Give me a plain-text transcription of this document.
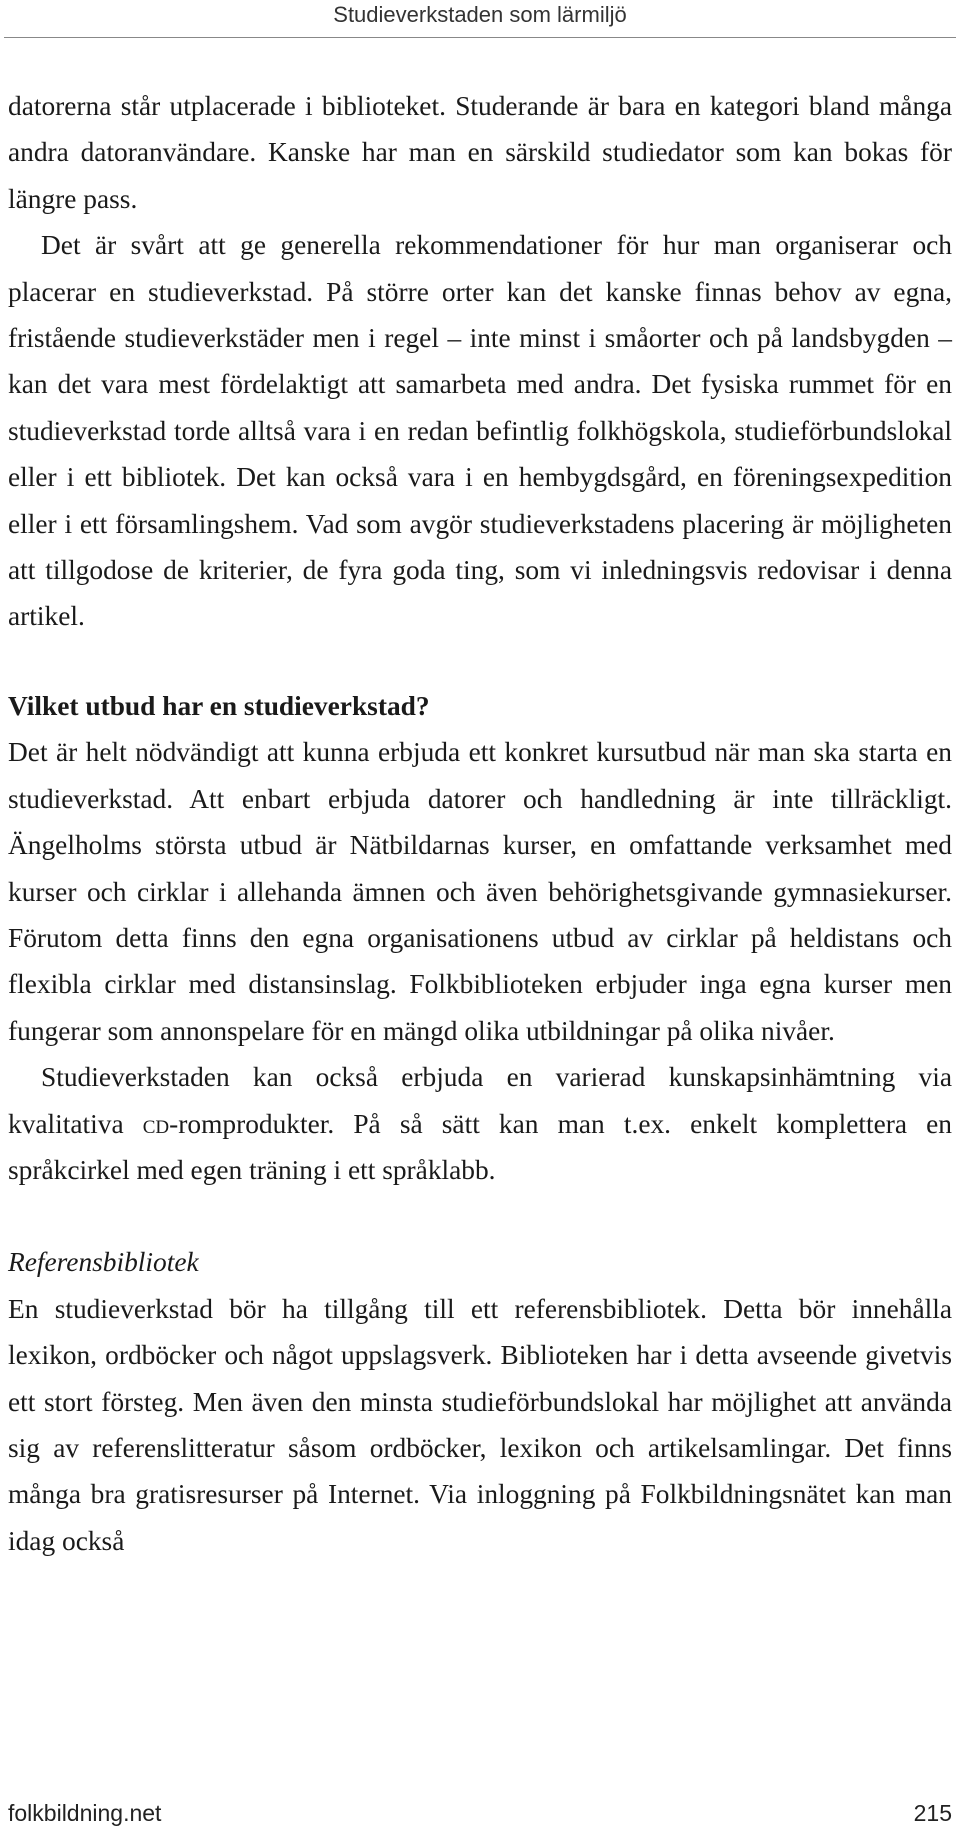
Studieverkstaden som lärmiljö

datorerna står utplacerade i biblioteket. Studerande är bara en kategori bland många andra datoranvändare. Kanske har man en särskild studiedator som kan bokas för längre pass.

Det är svårt att ge generella rekommendationer för hur man organiserar och placerar en studieverkstad. På större orter kan det kanske finnas behov av egna, fristående studieverkstäder men i regel – inte minst i småorter och på landsbygden – kan det vara mest fördelaktigt att samarbeta med andra. Det fysiska rummet för en studieverkstad torde alltså vara i en redan befintlig folkhögskola, studieförbundslokal eller i ett bibliotek. Det kan också vara i en hembygdsgård, en föreningsexpedition eller i ett församlingshem. Vad som avgör studieverkstadens placering är möjligheten att tillgodose de kriterier, de fyra goda ting, som vi inledningsvis redovisar i denna artikel.

Vilket utbud har en studieverkstad?

Det är helt nödvändigt att kunna erbjuda ett konkret kursutbud när man ska starta en studieverkstad. Att enbart erbjuda datorer och handledning är inte tillräckligt. Ängelholms största utbud är Nätbildarnas kurser, en omfattande verksamhet med kurser och cirklar i allehanda ämnen och även behörighetsgivande gymnasiekurser. Förutom detta finns den egna organisationens utbud av cirklar på heldistans och flexibla cirklar med distansinslag. Folkbiblioteken erbjuder inga egna kurser men fungerar som annonspelare för en mängd olika utbildningar på olika nivåer.

Studieverkstaden kan också erbjuda en varierad kunskapsinhämtning via kvalitativa cd-romprodukter. På så sätt kan man t.ex. enkelt komplettera en språkcirkel med egen träning i ett språklabb.

Referensbibliotek

En studieverkstad bör ha tillgång till ett referensbibliotek. Detta bör innehålla lexikon, ordböcker och något uppslagsverk. Biblioteken har i detta avseende givetvis ett stort försteg. Men även den minsta studieförbundslokal har möjlighet att använda sig av referenslitteratur såsom ordböcker, lexikon och artikelsamlingar. Det finns många bra gratisresurser på Internet. Via inloggning på Folkbildningsnätet kan man idag också

folkbildning.net	215
